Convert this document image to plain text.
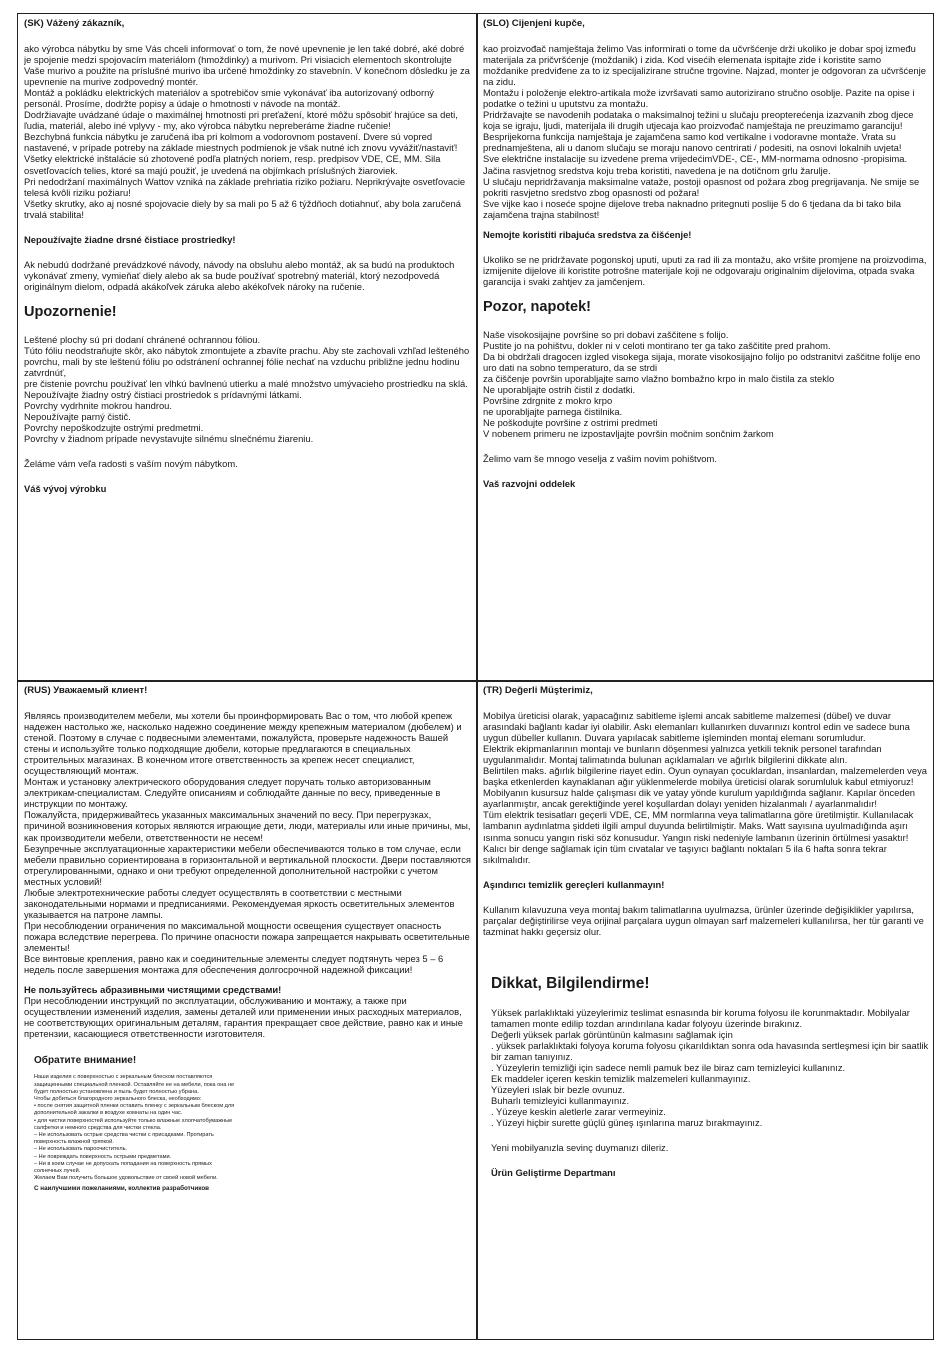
(SK) Vážený zákazník,

ako výrobca nábytku by sme Vás chceli informovať o tom, že nové upevnenie je len také dobré, aké dobré je spojenie medzi spojovacím materiálom (hmoždinky) a murivom. Pri visiacich elementoch skontrolujte Vaše murivo a použite na príslušné murivo iba určené hmoždinky zo stavebnín. V konečnom dôsledku je za upevnenie na murive zodpovedný montér.

Montáž a pokládku elektrických materiálov a spotrebičov smie vykonávať iba autorizovaný odborný personál. Prosíme, dodržte popisy a údaje o hmotnosti v návode na montáž.

Dodržiavajte uvádzané údaje o maximálnej hmotnosti pri preťažení, ktoré môžu spôsobiť hrajúce sa deti, ľudia, materiál, alebo iné vplyvy - my, ako výrobca nábytku nepreberáme žiadne ručenie!

Bezchybná funkcia nábytku je zaručená iba pri kolmom a vodorovnom postavení. Dvere sú vopred nastavené, v prípade potreby na základe miestnych podmienok je však nutné ich znovu vyvážiť/nastaviť!

Všetky elektrické inštalácie sú zhotovené podľa platných noriem, resp. predpisov VDE, CE, MM. Sila osvetľovacích telies, ktoré sa majú použiť, je uvedená na objímkach príslušných žiaroviek.

Pri nedodržaní maximálnych Wattov vzniká na základe prehriatia riziko požiaru. Neprikrývajte osvetľovacie telesá kvôli riziku požiaru!

Všetky skrutky, ako aj nosné spojovacie diely by sa mali po 5 až 6 týždňoch dotiahnuť, aby bola zaručená trvalá stabilita!

Nepoužívajte žiadne drsné čistiace prostriedky!

Ak nebudú dodržané prevádzkové návody, návody na obsluhu alebo montáž, ak sa budú na produktoch vykonávať zmeny, vymieňať diely alebo ak sa bude používať spotrebný materiál, ktorý nezodpovedá originálnym dielom, odpadá akákoľvek záruka alebo akékoľvek nároky na ručenie.

Upozornenie!

Leštené plochy sú pri dodaní chránené ochrannou fóliou.

Túto fóliu neodstraňujte skôr, ako nábytok zmontujete a zbavíte prachu. Aby ste zachovali vzhľad lešteného povrchu, mali by ste leštenú fóliu po odstránení ochrannej fólie nechať na vzduchu približne jednu hodinu zatvrdnúť,

pre čistenie povrchu používať len vlhkú bavlnenú utierku a malé množstvo umývacieho prostriedku na sklá.

Nepoužívajte žiadny ostrý čistiaci prostriedok s prídavnými látkami.

Povrchy vydrhnite mokrou handrou.

Nepoužívajte parný čistič.

Povrchy nepoškodzujte ostrými predmetmi.

Povrchy v žiadnom prípade nevystavujte silnému slnečnému žiareniu.

Želáme vám veľa radosti s vaším novým nábytkom.

Váš vývoj výrobku

(SLO) Cijenjeni kupče,

kao proizvođač namještaja želimo Vas informirati o tome da učvršćenje drži ukoliko je dobar spoj između materijala za pričvršćenje (moždanik) i zida. Kod visećih elemenata ispitajte zide i koristite samo moždanike predviđene za to iz specijalizirane stručne trgovine. Najzad, monter je odgovoran za učvršćenje na zidu.

Montažu i položenje elektro-artikala može izvršavati samo autorizirano stručno osoblje. Pazite na opise i podatke o težini u uputstvu za montažu.

Pridržavajte se navodenih podataka o maksimalnoj težini u slučaju preopterećenja izazvanih zbog djece koja se igraju, ljudi, materijala ili drugih utjecaja kao proizvođač namještaja ne preuzimamo garanciju!

Besprijekorna funkcija namještaja je zajamčena samo kod vertikalne i vodoravne montaže. Vrata su prednamještena, ali u danom slučaju se moraju nanovo centrirati / podesiti, na osnovi lokalnih uvjeta!

Sve električne instalacije su izvedene prema vrijedećimVDE-, CE-, MM-normama odnosno -propisima. Jačina rasvjetnog sredstva koju treba koristiti, navedena je na dotičnom grlu žarulje.

U slučaju nepridržavanja maksimalne vataže, postoji opasnost od požara zbog pregrijavanja. Ne smije se pokriti rasvjetno sredstvo zbog opasnosti od požara!

Sve vijke kao i noseće spojne dijelove treba naknadno pritegnuti poslije 5 do 6 tjedana da bi tako bila zajamčena trajna stabilnost!

Nemojte koristiti ribajuća sredstva za čišćenje!

Ukoliko se ne pridržavate pogonskoj uputi, uputi za rad ili za montažu, ako vršite promjene na proizvodima, izmijenite dijelove ili koristite potrošne materijale koji ne odgovaraju originalnim dijelovima, otpada svaka garancija i svaki zahtjev za jamčenjem.

Pozor, napotek!

Naše visokosijajne površine so pri dobavi zaščitene s folijo.

Pustite jo na pohištvu, dokler ni v celoti montirano ter ga tako zaščitite pred prahom.

Da bi obdržali dragocen izgled visokega sijaja, morate visokosijajno folijo po odstranitvi zaščitne folije eno uro dati na sobno temperaturo, da se strdi

za čiščenje površin uporabljajte samo vlažno bombažno krpo in malo čistila za steklo

Ne uporabljajte ostrih čistil z dodatki.

Površine zdrgnite z mokro krpo

ne uporabljajte parnega čistilnika.

Ne poškodujte površine z ostrimi predmeti

V nobenem primeru ne izpostavljajte površin močnim sončnim žarkom

Želimo vam še mnogo veselja z vašim novim pohištvom.

Vaš razvojni oddelek

(RUS) Уважаемый клиент!

Являясь производителем мебели, мы хотели бы проинформировать Вас о том, что любой крепеж надежен настолько же, насколько надежно соединение между крепежным материалом (дюбелем) и стеной. Поэтому в случае с подвесными элементами, пожалуйста, проверьте надежность Вашей стены и используйте только подходящие дюбели, которые предлагаются в специальных строительных магазинах. В конечном итоге ответственность за крепеж несет специалист, осуществляющий монтаж.

Монтаж и установку электрического оборудования следует поручать только авторизованным электрикам-специалистам. Следуйте описаниям и соблюдайте данные по весу, приведенные в инструкции по монтажу.

Пожалуйста, придерживайтесь указанных максимальных значений по весу. При перегрузках, причиной возникновения которых являются играющие дети, люди, материалы или иные причины, мы, как производители мебели, ответственности не несем!

Безупречные эксплуатационные характеристики мебели обеспечиваются только в том случае, если мебели правильно сориентирована в горизонтальной и вертикальной плоскости. Двери поставляются отрегулированными, однако и они требуют определенной дополнительной настройки с учетом местных условий!

Любые электротехнические работы следует осуществлять в соответствии с местными законодательными нормами и предписаниями. Рекомендуемая яркость осветительных элементов указывается на патроне лампы.

При несоблюдении ограничения по максимальной мощности освещения существует опасность пожара вследствие перегрева. По причине опасности пожара запрещается накрывать осветительные элементы!

Все винтовые крепления, равно как и соединительные элементы следует подтянуть через 5 – 6 недель после завершения монтажа для обеспечения долгосрочной надежной фиксации!

Не пользуйтесь абразивными чистящими средствами!

При несоблюдении инструкций по эксплуатации, обслуживанию и монтажу, а также при осуществлении изменений изделия, замены деталей или применении иных расходных материалов, не соответствующих оригинальным деталям, гарантия прекращает свое действие, равно как и иные претензии, касающиеся ответственности изготовителя.

Обратите внимание!

Наши изделия с поверхностью с зеркальным блеском поставляются защищенными специальной пленкой. Оставляйте ее на мебели, пока она не будет полностью установлена и пыль будет полностью убрана.

Чтобы добиться благородного зеркального блеска, необходимо:

• после снятия защитной пленки оставить пленку с зеркальным блеском для дополнительной закалки в воздухе комнаты на один час.

• для чистки поверхностей используйте только влажные хлопчатобумажные салфетки и немного средства для чистки стекла.

– Не использовать острые средства чистки с присадками. Протирать поверхность влажной тряпкой.

– Не использовать пароочиститель.

– Не повреждать поверхность острыми предметами.

– Ни в коем случае не допускать попадания на поверхность прямых солнечных лучей.

Желаем Вам получить большое удовольствие от своей новой мебели.

С наилучшими пожеланиями, коллектив разработчиков

(TR) Değerli Müşterimiz,

Mobilya üreticisi olarak, yapacağınız sabitleme işlemi ancak sabitleme malzemesi (dübel) ve duvar arasındaki bağlantı kadar iyi olabilir. Askı elemanları kullanırken duvarınızı kontrol edin ve sadece buna uygun dübeller kullanın. Duvara yapılacak sabitleme işleminden montaj elemanı sorumludur.

Elektrik ekipmanlarının montajı ve bunların döşenmesi yalnızca yetkili teknik personel tarafından uygulanmalıdır. Montaj talimatında bulunan açıklamaları ve ağırlık bilgilerini dikkate alın.

Belirtilen maks. ağırlık bilgilerine riayet edin. Oyun oynayan çocuklardan, insanlardan, malzemelerden veya başka etkenlerden kaynaklanan ağır yüklenmelerde mobilya üreticisi olarak sorumluluk kabul etmiyoruz!

Mobilyanın kusursuz halde çalışması dik ve yatay yönde kurulum yapıldığında sağlanır. Kapılar önceden ayarlanmıştır, ancak gerektiğinde yerel koşullardan dolayı yeniden hizalanmalı / ayarlanmalıdır!

Tüm elektrik tesisatları geçerli VDE, CE, MM normlarına veya talimatlarına göre üretilmiştir. Kullanılacak lambanın aydınlatma şiddeti ilgili ampul duyunda belirtilmiştir. Maks. Watt sayısına uyulmadığında aşırı ısınma sonucu yangın riski söz konusudur. Yangın riski nedeniyle lambanın üzerinin örtülmesi yasaktır!

Kalıcı bir denge sağlamak için tüm cıvatalar ve taşıyıcı bağlantı noktaları 5 ila 6 hafta sonra tekrar sıkılmalıdır.

Aşındırıcı temizlik gereçleri kullanmayın!

Kullanım kılavuzuna veya montaj bakım talimatlarına uyulmazsa, ürünler üzerinde değişiklikler yapılırsa, parçalar değiştirilirse veya orijinal parçalara uygun olmayan sarf malzemeleri kullanılırsa, her tür garanti ve tazminat hakkı geçersiz olur.

Dikkat, Bilgilendirme!

Yüksek parlaklıktaki yüzeylerimiz teslimat esnasında bir koruma folyosu ile korunmaktadır. Mobilyalar tamamen monte edilip tozdan arındırılana kadar folyoyu üzerinde bırakınız.

Değerli yüksek parlak görüntünün kalmasını sağlamak için

. yüksek parlaklıktaki folyoya koruma folyosu çıkarıldıktan sonra oda havasında sertleşmesi için bir saatlik bir zaman tanıyınız.

. Yüzeylerin temizliği için sadece nemli pamuk bez ile biraz cam temizleyici kullanınız.

Ek maddeler içeren keskin temizlik malzemeleri kullanmayınız.

Yüzeyleri ıslak bir bezle ovunuz.

Buharlı temizleyici kullanmayınız.

. Yüzeye keskin aletlerle zarar vermeyiniz.

. Yüzeyi hiçbir surette güçlü güneş ışınlarına maruz bırakmayınız.

Yeni mobilyanızla sevinç duymanızı dileriz.

Ürün Geliştirme Departmanı
